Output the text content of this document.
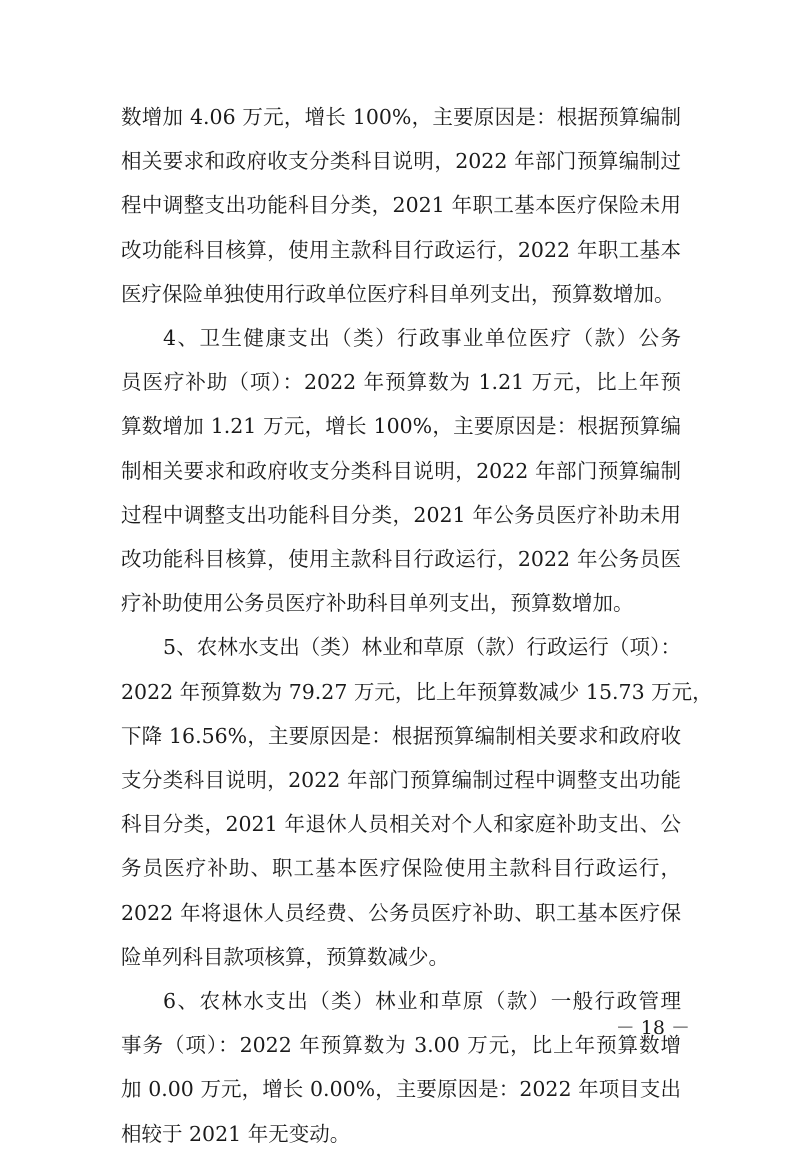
数增加 4.06 万元，增长 100%，主要原因是：根据预算编制
相关要求和政府收支分类科目说明，2022 年部门预算编制过
程中调整支出功能科目分类，2021 年职工基本医疗保险未用
改功能科目核算，使用主款科目行政运行，2022 年职工基本
医疗保险单独使用行政单位医疗科目单列支出，预算数增加。
4、卫生健康支出（类）行政事业单位医疗（款）公务
员医疗补助（项）：2022 年预算数为 1.21 万元，比上年预
算数增加 1.21 万元，增长 100%，主要原因是：根据预算编
制相关要求和政府收支分类科目说明，2022 年部门预算编制
过程中调整支出功能科目分类，2021 年公务员医疗补助未用
改功能科目核算，使用主款科目行政运行，2022 年公务员医
疗补助使用公务员医疗补助科目单列支出，预算数增加。
5、农林水支出（类）林业和草原（款）行政运行（项）：
2022 年预算数为 79.27 万元，比上年预算数减少 15.73 万元，
下降 16.56%，主要原因是：根据预算编制相关要求和政府收
支分类科目说明，2022 年部门预算编制过程中调整支出功能
科目分类，2021 年退休人员相关对个人和家庭补助支出、公
务员医疗补助、职工基本医疗保险使用主款科目行政运行，
2022 年将退休人员经费、公务员医疗补助、职工基本医疗保
险单列科目款项核算，预算数减少。
6、农林水支出（类）林业和草原（款）一般行政管理
事务（项）：2022 年预算数为 3.00 万元，比上年预算数增
加 0.00 万元，增长 0.00%，主要原因是：2022 年项目支出
相较于 2021 年无变动。
－ 18 －
